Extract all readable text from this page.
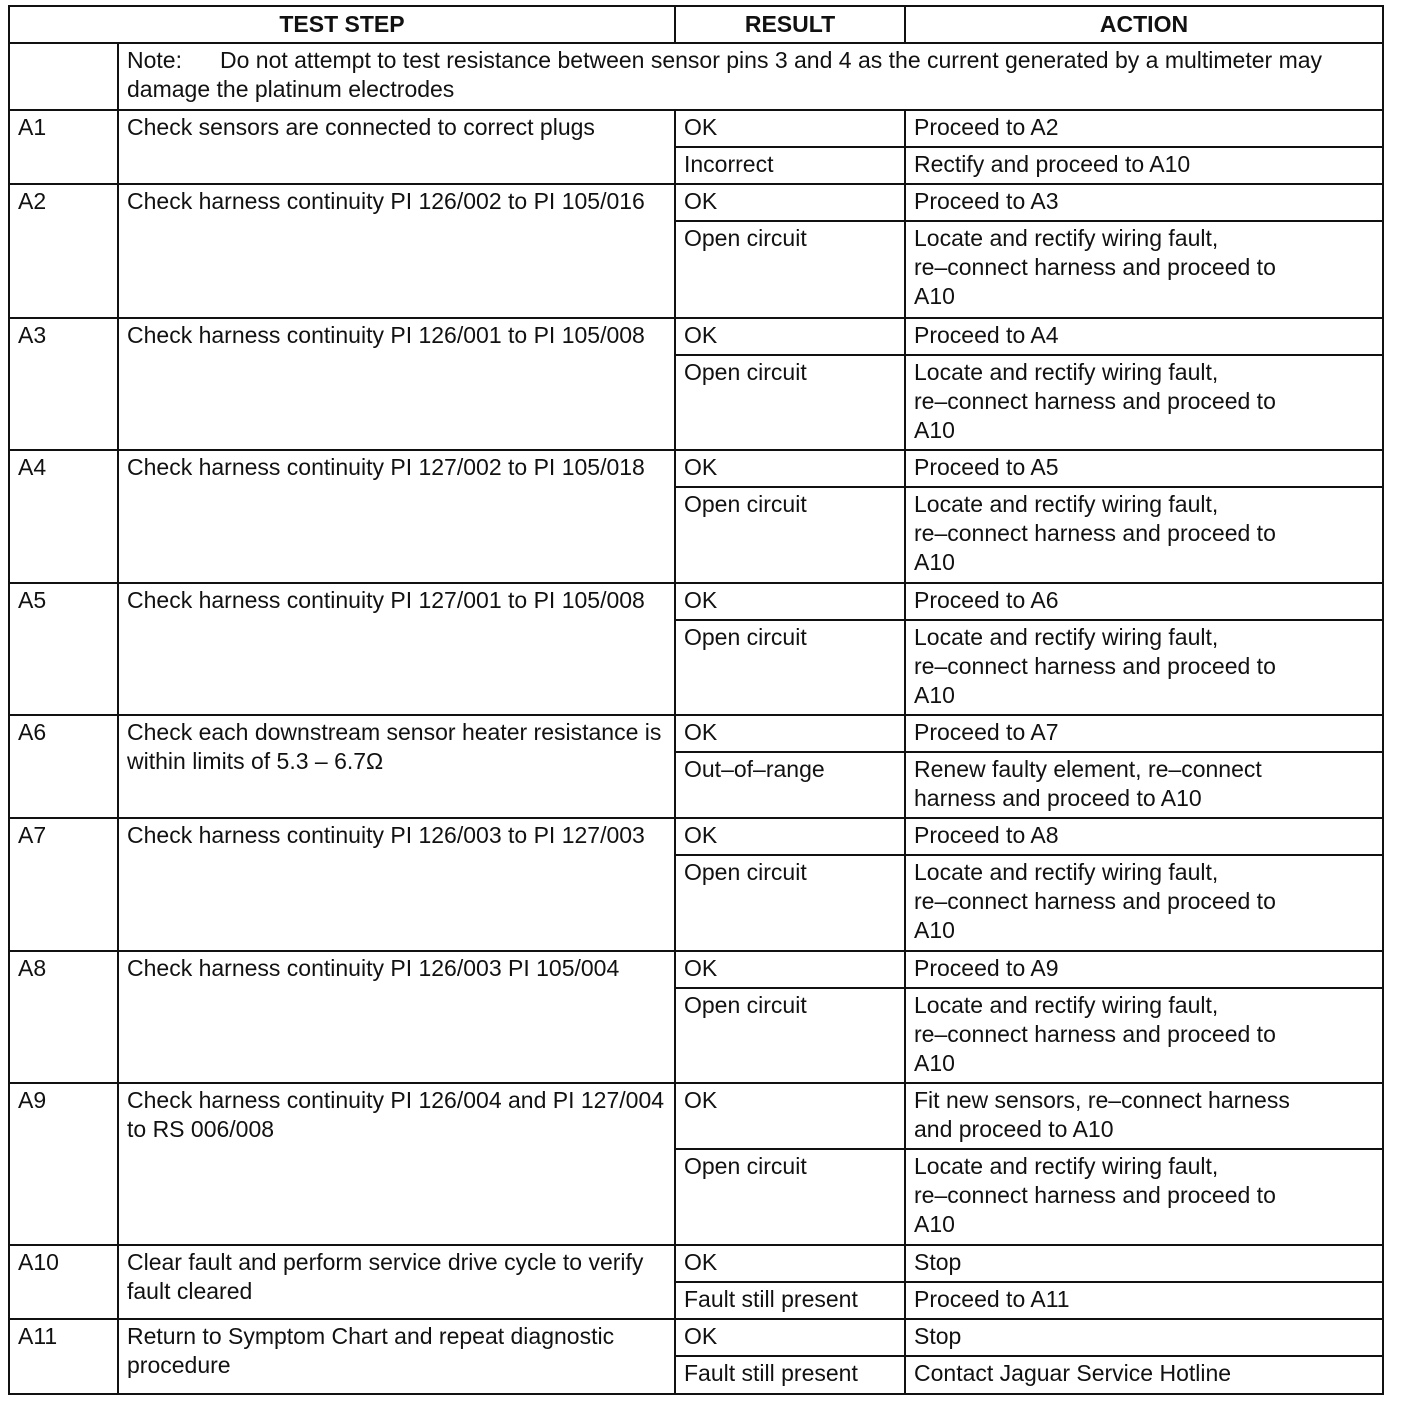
TEST STEP		RESULT	ACTION
	Note: Do not attempt to test resistance between sensor pins 3 and 4 as the current generated by a multimeter may damage the platinum electrodes		
A1	Check sensors are connected to correct plugs	OK	Proceed to A2
		Incorrect	Rectify and proceed to A10
A2	Check harness continuity PI 126/002 to PI 105/016	OK	Proceed to A3
		Open circuit	Locate and rectify wiring fault,
re–connect harness and proceed to
A10
A3	Check harness continuity PI 126/001 to PI 105/008	OK	Proceed to A4
		Open circuit	Locate and rectify wiring fault,
re–connect harness and proceed to
A10
A4	Check harness continuity PI 127/002 to PI 105/018	OK	Proceed to A5
		Open circuit	Locate and rectify wiring fault,
re–connect harness and proceed to
A10
A5	Check harness continuity PI 127/001 to PI 105/008	OK	Proceed to A6
		Open circuit	Locate and rectify wiring fault,
re–connect harness and proceed to
A10
A6	Check each downstream sensor heater resistance is within limits of 5.3 – 6.7Ω	OK	Proceed to A7
		Out–of–range	Renew faulty element, re–connect
harness and proceed to A10
A7	Check harness continuity PI 126/003 to PI 127/003	OK	Proceed to A8
		Open circuit	Locate and rectify wiring fault,
re–connect harness and proceed to
A10
A8	Check harness continuity PI 126/003 PI 105/004	OK	Proceed to A9
		Open circuit	Locate and rectify wiring fault,
re–connect harness and proceed to
A10
A9	Check harness continuity PI 126/004 and PI 127/004 to RS 006/008	OK	Fit new sensors, re–connect harness
and proceed to A10
		Open circuit	Locate and rectify wiring fault,
re–connect harness and proceed to
A10
A10	Clear fault and perform service drive cycle to verify fault cleared	OK	Stop
		Fault still present	Proceed to A11
A11	Return to Symptom Chart and repeat diagnostic procedure	OK	Stop
		Fault still present	Contact Jaguar Service Hotline
